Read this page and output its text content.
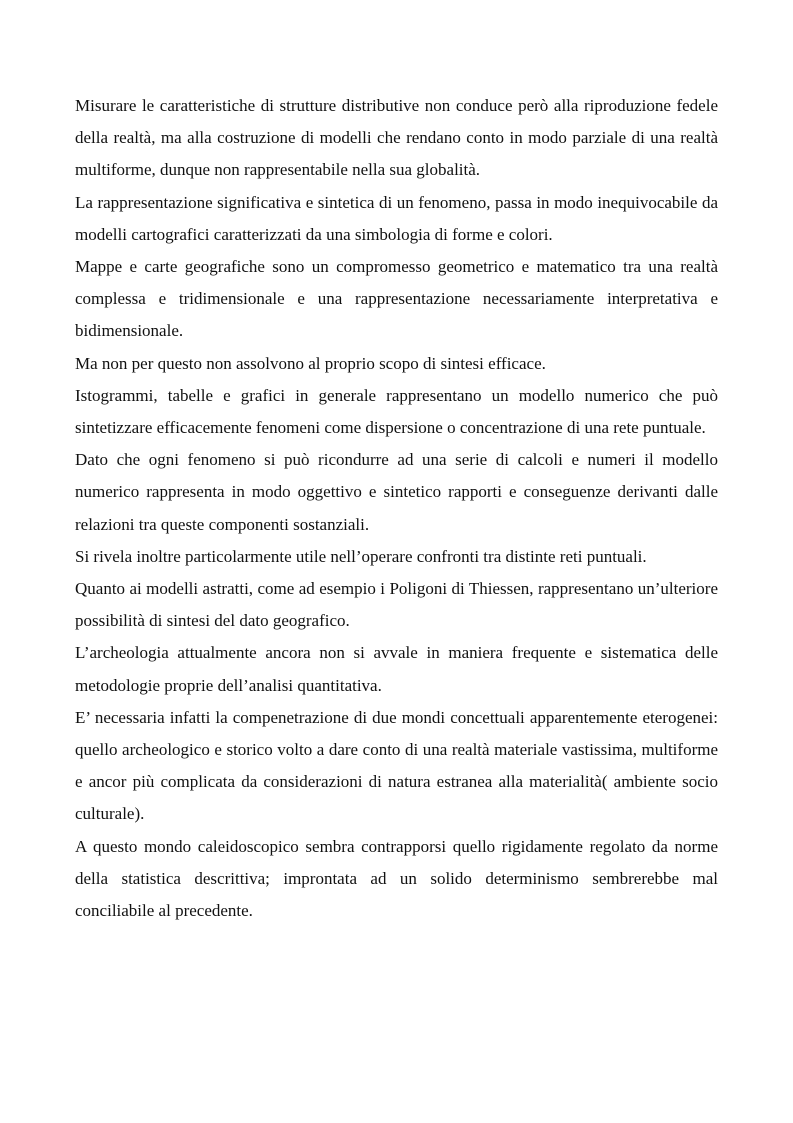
Misurare le caratteristiche di strutture distributive non conduce però alla riproduzione fedele della realtà, ma alla costruzione di modelli che rendano conto in modo parziale di una realtà multiforme, dunque non rappresentabile nella sua globalità.

La rappresentazione significativa e sintetica di un fenomeno, passa in modo inequivocabile da modelli cartografici caratterizzati da una simbologia di forme e colori.

Mappe e carte geografiche sono un compromesso geometrico e matematico tra una realtà complessa e tridimensionale e una rappresentazione necessariamente interpretativa e bidimensionale.

Ma non per questo non assolvono al proprio scopo di sintesi efficace.

Istogrammi, tabelle e grafici in generale rappresentano un modello numerico che può sintetizzare efficacemente fenomeni come dispersione o concentrazione di una rete puntuale.

Dato che ogni fenomeno si può ricondurre ad una serie di calcoli e numeri il modello numerico rappresenta in modo oggettivo e sintetico rapporti e conseguenze derivanti dalle relazioni tra queste componenti sostanziali.

Si rivela inoltre particolarmente utile nell’operare confronti tra distinte reti puntuali.

Quanto ai modelli astratti, come ad esempio i Poligoni di Thiessen, rappresentano un’ulteriore possibilità di sintesi del dato geografico.

L’archeologia attualmente ancora non si avvale in maniera frequente e sistematica delle metodologie proprie dell’analisi quantitativa.

E’ necessaria infatti la compenetrazione di due mondi concettuali apparentemente eterogenei: quello archeologico e storico volto a dare conto di una realtà materiale vastissima, multiforme e ancor più complicata da considerazioni di natura estranea alla materialità( ambiente socio culturale).

A questo mondo caleidoscopico sembra contrapporsi quello rigidamente regolato da norme della statistica descrittiva; improntata ad un solido determinismo sembrerebbe mal conciliabile al precedente.
